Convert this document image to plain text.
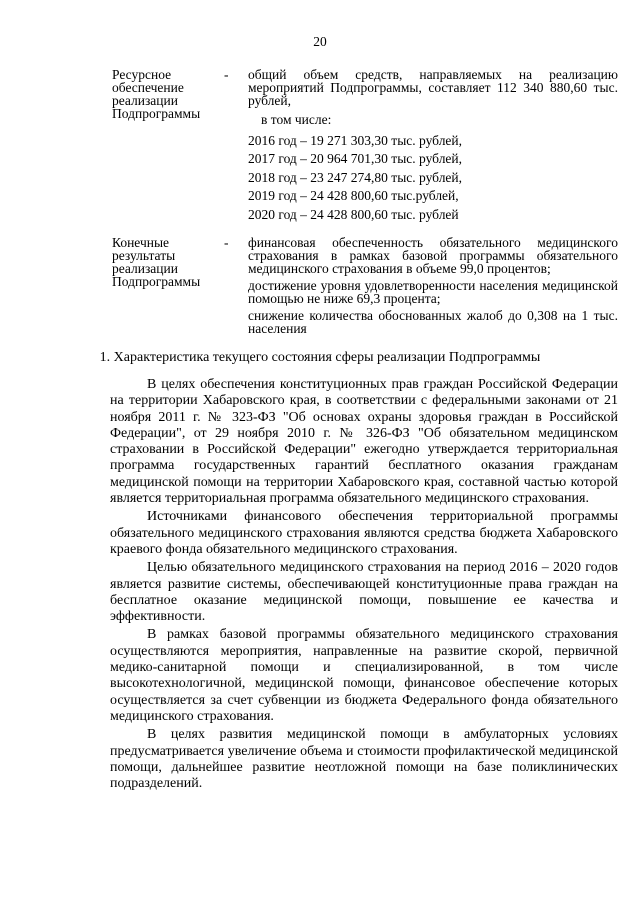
20
Ресурсное обеспечение реализации Подпрограммы
-	общий объем средств, направляемых на реализацию мероприятий Подпрограммы, составляет 112 340 880,60 тыс. рублей,

в том числе:

2016 год – 19 271 303,30 тыс. рублей,
2017 год – 20 964 701,30 тыс. рублей,
2018 год – 23 247 274,80 тыс. рублей,
2019 год – 24 428 800,60 тыс.рублей,
2020 год – 24 428 800,60 тыс. рублей
Конечные результаты реализации Подпрограммы
-	финансовая обеспеченность обязательного медицинского страхования в рамках базовой программы обязательного медицинского страхования в объеме 99,0 процентов;

достижение уровня удовлетворенности населения медицинской помощью не ниже 69,3 процента;

снижение количества обоснованных жалоб до 0,308 на 1 тыс. населения

1. Характеристика текущего состояния сферы реализации Подпрограммы

В целях обеспечения конституционных прав граждан Российской Федерации на территории Хабаровского края, в соответствии с федеральными законами от 21 ноября 2011 г. № 323-ФЗ "Об основах охраны здоровья граждан в Российской Федерации", от 29 ноября 2010 г. № 326-ФЗ "Об обязательном медицинском страховании в Российской Федерации" ежегодно утверждается территориальная программа государственных гарантий бесплатного оказания гражданам медицинской помощи на территории Хабаровского края, составной частью которой является территориальная программа обязательного медицинского страхования.

Источниками финансового обеспечения территориальной программы обязательного медицинского страхования являются средства бюджета Хабаровского краевого фонда обязательного медицинского страхования.

Целью обязательного медицинского страхования на период 2016 – 2020 годов является развитие системы, обеспечивающей конституционные права граждан на бесплатное оказание медицинской помощи, повышение ее качества и эффективности.

В рамках базовой программы обязательного медицинского страхования осуществляются мероприятия, направленные на развитие скорой, первичной медико-санитарной помощи и специализированной, в том числе высокотехнологичной, медицинской помощи, финансовое обеспечение которых осуществляется за счет субвенции из бюджета Федерального фонда обязательного медицинского страхования.

В целях развития медицинской помощи в амбулаторных условиях предусматривается увеличение объема и стоимости профилактической медицинской помощи, дальнейшее развитие неотложной помощи на базе поликлинических подразделений.
